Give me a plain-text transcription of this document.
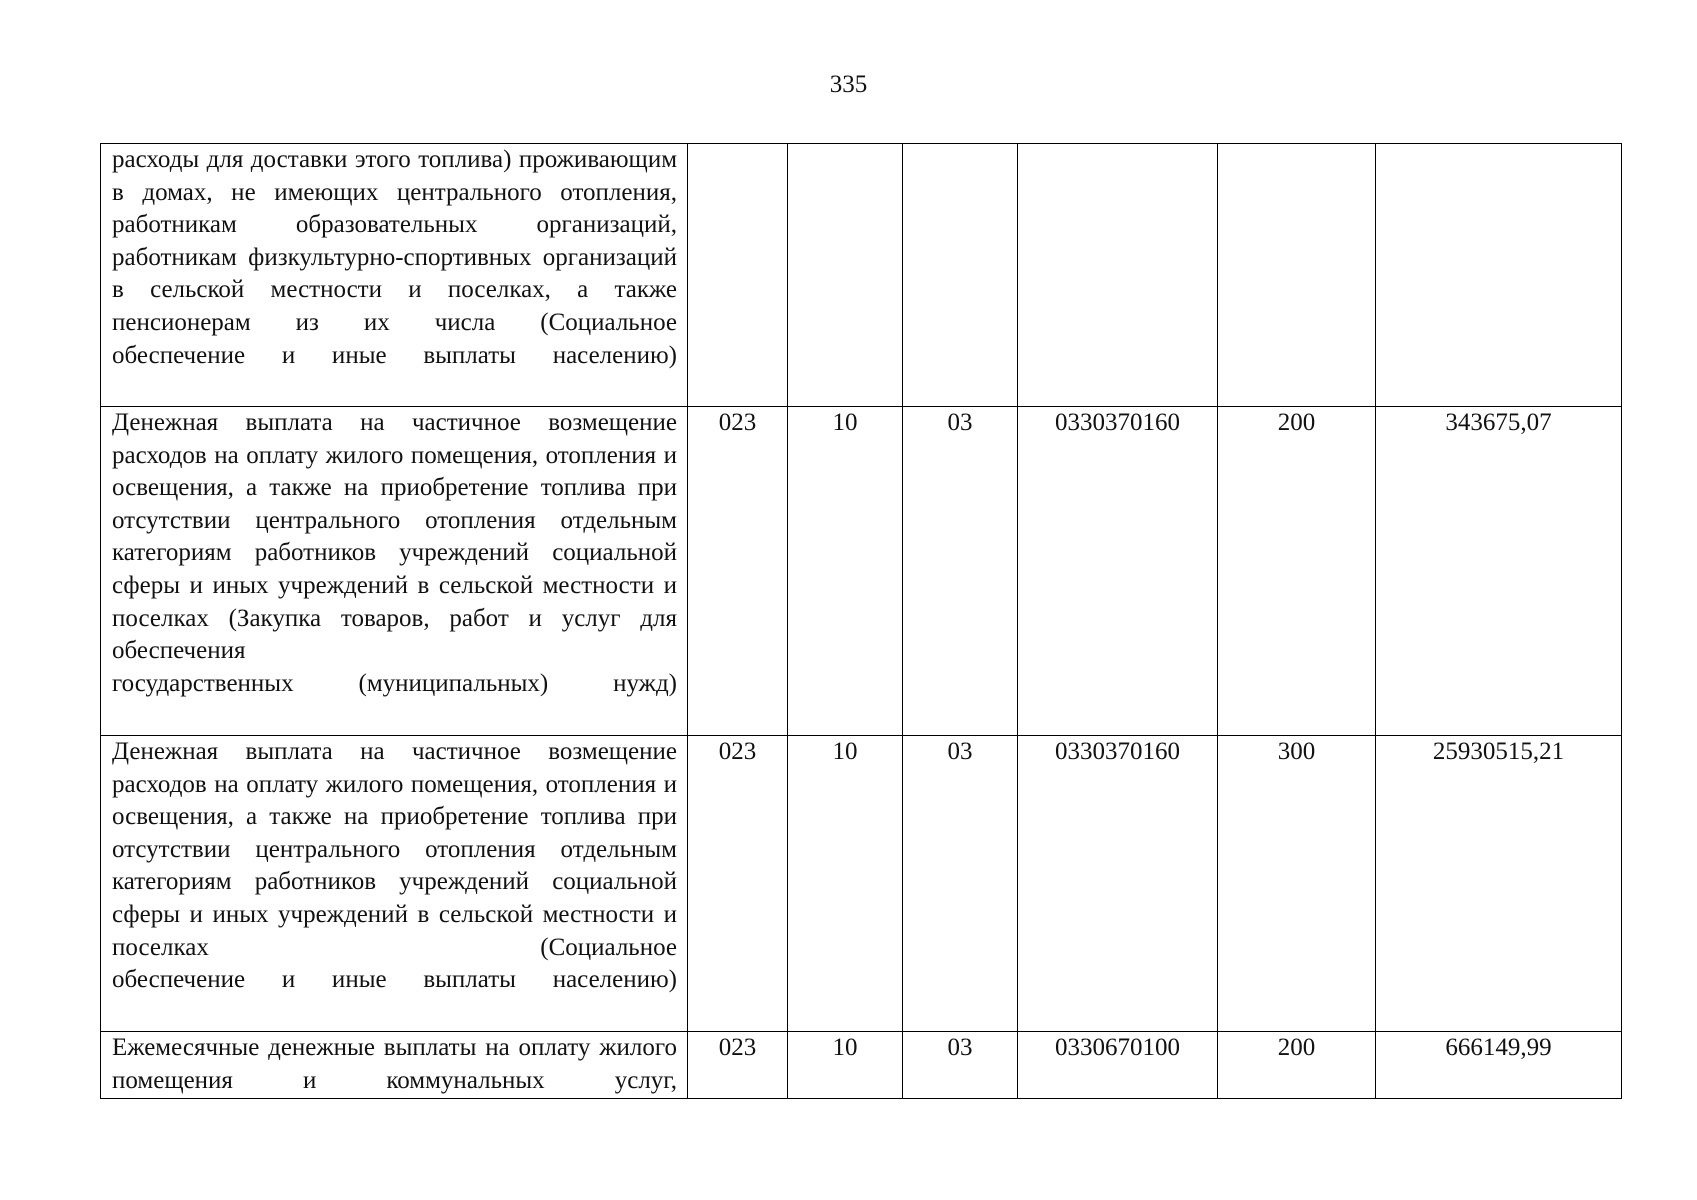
335
расходы для доставки этого топлива) проживающим в домах, не имеющих центрального отопления, работникам образовательных организаций, работникам физкультурно-спортивных организаций в сельской местности и поселках, а также пенсионерам из их числа (Социальное
обеспечение и иные выплаты населению)						

Денежная выплата на частичное возмещение расходов на оплату жилого помещения, отопления и освещения, а также на приобретение топлива при отсутствии центрального отопления отдельным категориям работников учреждений социальной сферы и иных учреждений в сельской местности и поселках (Закупка товаров, работ и услуг для обеспечения
государственных (муниципальных) нужд)	023	10	03	0330370160	200	343675,07
Денежная выплата на частичное возмещение расходов на оплату жилого помещения, отопления и освещения, а также на приобретение топлива при отсутствии центрального отопления отдельным категориям работников учреждений социальной сферы и иных учреждений в сельской местности и поселках (Социальное
обеспечение и иные выплаты населению)	023	10	03	0330370160	300	25930515,21
Ежемесячные денежные выплаты на оплату жилого помещения и коммунальных услуг,	023	10	03	0330670100	200	666149,99
